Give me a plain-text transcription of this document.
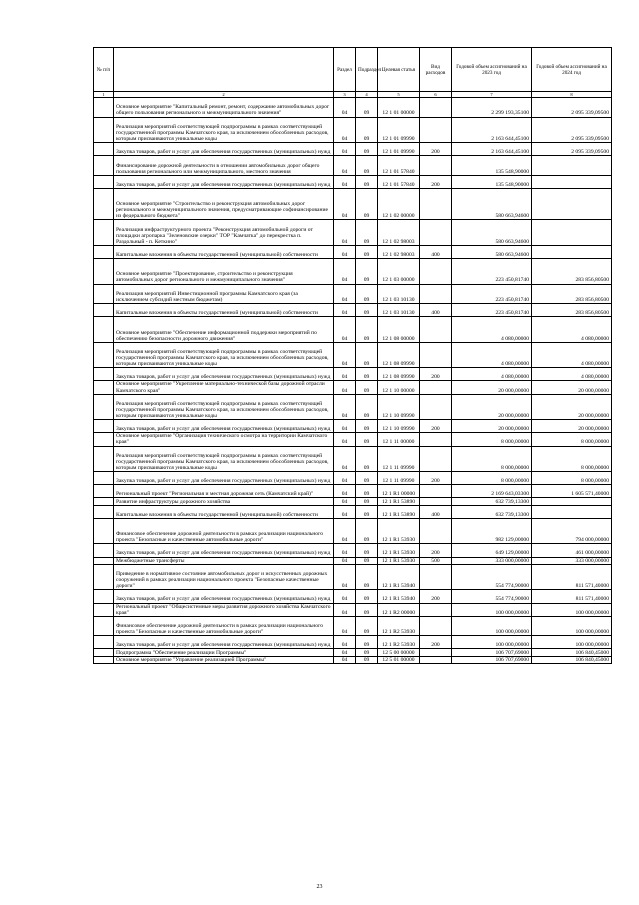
№ п/п		Раздел	Подраздел	Целевая статья	Вид расходов	Годовой объем ассигнований на 2023 год	Годовой объем ассигнований на 2024 год
1	2	3	4	5	6	7	8
	Основное мероприятие "Капитальный ремонт, ремонт, содержание автомобильных дорог общего пользования регионального и межмуниципального значения"	04	09	12 1 01 00000		2 299 193,35100	2 095 339,09500
	Реализация мероприятий соответствующей подпрограммы в рамках соответствующей государственной программы Камчатского края, за исключением обособленных расходов, которым присваиваются уникальные коды	04	09	12 1 01 09990		2 163 644,45100	2 095 339,09500
	Закупка товаров, работ и услуг для обеспечения государственных (муниципальных) нужд	04	09	12 1 01 09990	200	2 163 644,45100	2 095 339,09500
	Финансирование дорожной деятельности в отношении автомобильных дорог общего пользования регионального или межмуниципального, местного значения	04	09	12 1 01 57840		135 548,90000	
	Закупка товаров, работ и услуг для обеспечения государственных (муниципальных) нужд	04	09	12 1 01 57840	200	135 548,90000	
	Основное мероприятие "Строительство и реконструкция автомобильных дорог регионального и межмуниципального значения, предусматривающие софинансирование из федерального бюджета"	04	09	12 1 02 00000		580 663,94600	
	Реализация инфраструктурного проекта "Реконструкция автомобильной дороги от площадки агропарка "Зеленовские озерки" ТОР "Камчатка" до перекрестка п. Раздольный - п. Кеткино"	04	09	12 1 02 98003		580 663,94600	
	Капитальные вложения в объекты государственной (муниципальной) собственности	04	09	12 1 02 98003	400	580 663,94600	
	Основное мероприятие "Проектирование, строительство и реконструкция автомобильных дорог регионального и межмуниципального значения"	04	09	12 1 03 00000		223 450,81740	283 856,80500
	Реализация мероприятий Инвестиционной программы Камчатского края (за исключением субсидий местным бюджетам)	04	09	12 1 03 10130		223 450,81740	283 856,80500
	Капитальные вложения в объекты государственной (муниципальной) собственности	04	09	12 1 03 10130	400	223 450,81740	283 856,80500
	Основное мероприятие "Обеспечение информационной поддержки мероприятий по обеспечению безопасности дорожного движения"	04	09	12 1 08 00000		4 080,00000	4 080,00000
	Реализация мероприятий соответствующей подпрограммы в рамках соответствующей государственной программы Камчатского края, за исключением обособленных расходов, которым присваиваются уникальные коды	04	09	12 1 08 09990		4 080,00000	4 080,00000
	Закупка товаров, работ и услуг для обеспечения государственных (муниципальных) нужд	04	09	12 1 08 09990	200	4 080,00000	4 080,00000
	Основное мероприятие "Укрепление материально-технической базы дорожной отрасли Камчатского края"	04	09	12 1 10 00000		20 000,00000	20 000,00000
	Реализация мероприятий соответствующей подпрограммы в рамках соответствующей государственной программы Камчатского края, за исключением обособленных расходов, которым присваиваются уникальные коды	04	09	12 1 10 09990		20 000,00000	20 000,00000
	Закупка товаров, работ и услуг для обеспечения государственных (муниципальных) нужд	04	09	12 1 10 09990	200	20 000,00000	20 000,00000
	Основное мероприятие "Организация технического осмотра на территории Камчатского края"	04	09	12 1 11 00000		8 000,00000	8 000,00000
	Реализация мероприятий соответствующей подпрограммы в рамках соответствующей государственной программы Камчатского края, за исключением обособленных расходов, которым присваиваются уникальные коды	04	09	12 1 11 09990		8 000,00000	8 000,00000
	Закупка товаров, работ и услуг для обеспечения государственных (муниципальных) нужд	04	09	12 1 11 09990	200	8 000,00000	8 000,00000
	Региональный проект "Региональная и местная дорожная сеть (Камчатский край)"	04	09	12 1 R1 00000		2 169 643,03300	1 605 571,40000
	Развитие инфраструктуры дорожного хозяйства	04	09	12 1 R1 53890		632 739,13300	
	Капитальные вложения в объекты государственной (муниципальной) собственности	04	09	12 1 R1 53890	400	632 739,13300	
	Финансовое обеспечение дорожной деятельности в рамках реализации национального проекта "Безопасные и качественные автомобильные дороги"	04	09	12 1 R1 53930		982 129,00000	794 000,00000
	Закупка товаров, работ и услуг для обеспечения государственных (муниципальных) нужд	04	09	12 1 R1 53930	200	649 129,00000	461 000,00000
	Межбюджетные трансферты	04	09	12 1 R1 53930	500	333 000,00000	333 000,00000
	Приведение в нормативное состояние автомобильных дорог и искусственных дорожных сооружений в рамках реализации национального проекта "Безопасные качественные дороги"	04	09	12 1 R1 53940		554 774,90000	811 571,40000
	Закупка товаров, работ и услуг для обеспечения государственных (муниципальных) нужд	04	09	12 1 R1 53940	200	554 774,90000	811 571,40000
	Региональный проект "Общесистемные меры развития дорожного хозяйства Камчатского края"	04	09	12 1 R2 00000		100 000,00000	100 000,00000
	Финансовое обеспечение дорожной деятельности в рамках реализации национального проекта "Безопасные и качественные автомобильные дороги"	04	09	12 1 R2 53930		100 000,00000	100 000,00000
	Закупка товаров, работ и услуг для обеспечения государственных (муниципальных) нужд	04	09	12 1 R2 53930	200	100 000,00000	100 000,00000
	Подпрограмма "Обеспечение реализации Программы"	04	09	12 5 00 00000		106 707,69000	106 840,45000
	Основное мероприятие "Управление реализацией Программы"	04	09	12 5 01 00000		106 707,69000	106 840,45000
23
